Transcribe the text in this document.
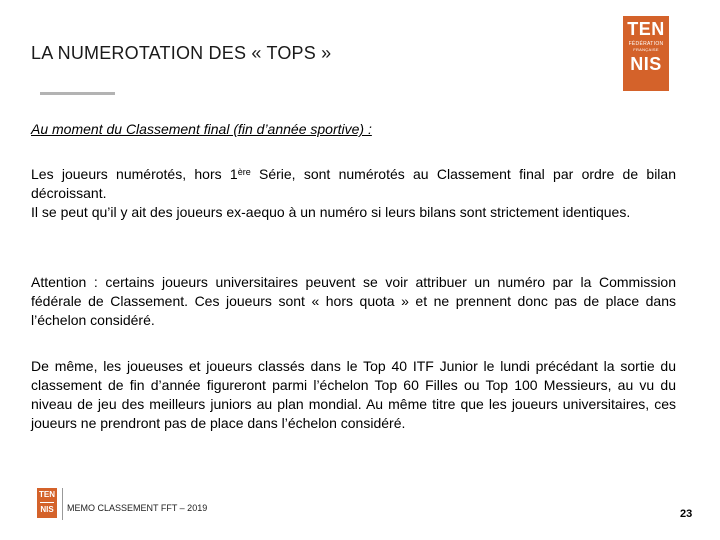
LA NUMEROTATION DES « TOPS »
TEN
FÉDÉRATION
FRANÇAISE
NIS
Au moment du Classement final (fin d’année sportive) :
Les joueurs numérotés, hors 1ère Série, sont numérotés au Classement final par ordre de bilan décroissant.
Il se peut qu’il y ait des joueurs ex-aequo à un numéro si leurs bilans sont strictement identiques.

Attention : certains joueurs universitaires peuvent se voir attribuer un numéro par la Commission fédérale de Classement. Ces joueurs sont « hors quota » et ne prennent donc pas de place dans l’échelon considéré.

De même, les joueuses et joueurs classés dans le Top 40 ITF Junior le lundi précédant la sortie du classement de fin d’année figureront parmi l’échelon Top 60 Filles ou Top 100 Messieurs, au vu du niveau de jeu des meilleurs juniors au plan mondial. Au même titre que les joueurs universitaires, ces joueurs ne prendront pas de place dans l’échelon considéré.

TEN
NIS	MEMO CLASSEMENT FFT – 2019	23
